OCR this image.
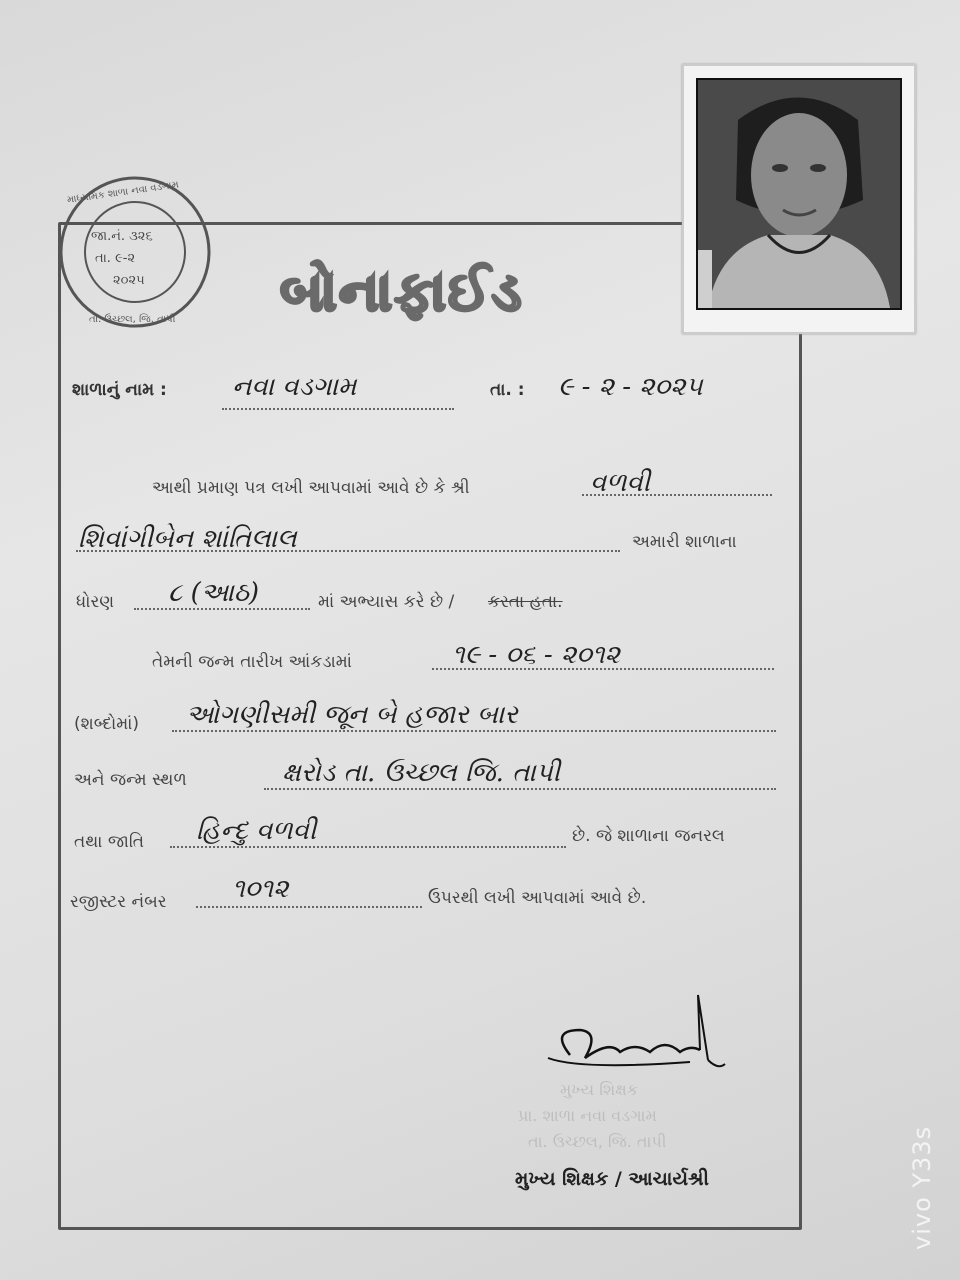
જા.નં. ૩૨૬
તા. ૯-૨
૨૦૨૫
માધ્યમિક શાળા નવા વડગામ
તા. ઉચ્છલ, જિ. તાપી બોનાફાઈડ
શાળાનું નામ :	નવા વડગામ	તા. : ૯ - ૨ - ૨૦૨૫
આથી પ્રમાણ પત્ર લખી આપવામાં આવે છે કે શ્રી	વળવી
શિવાંગીબેન શાંતિલાલ	અમારી શાળાના
ધોરણ ૮ (આઠ)	માં અભ્યાસ કરે છે / કરતા હતા.
તેમની જન્મ તારીખ આંકડામાં	૧૯ - ૦૬ - ૨૦૧૨
(શબ્દોમાં) ઓગણીસમી જૂન બે હજાર બાર
અને જન્મ સ્થળ	ક્ષરોડ તા. ઉચ્છલ જિ. તાપી
તથા જાતિ હિન્દુ વળવી	છે. જે શાળાના જનરલ
રજીસ્ટર નંબર	૧૦૧૨	ઉપરથી લખી આપવામાં આવે છે.
મુખ્ય શિક્ષક
પ્રા. શાળા નવા વડગામ
તા. ઉચ્છલ, જિ. તાપી
મુખ્ય શિક્ષક / આચાર્યશ્રી	vivo Y33s
